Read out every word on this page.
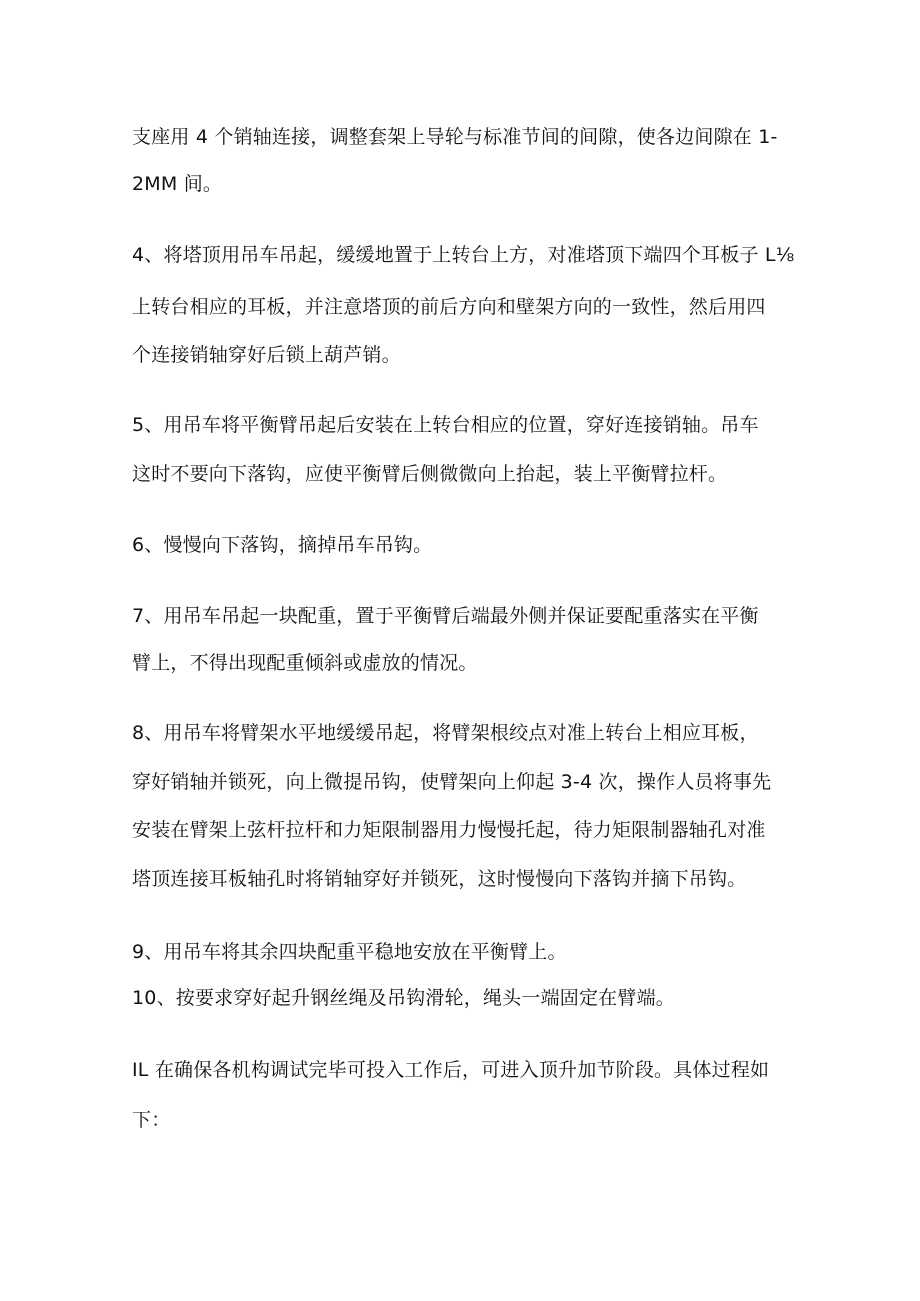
支座用 4 个销轴连接，调整套架上导轮与标准节间的间隙，使各边间隙在 1-

2MM 间。

4、将塔顶用吊车吊起，缓缓地置于上转台上方，对准塔顶下端四个耳板子 L⅛

上转台相应的耳板，并注意塔顶的前后方向和壁架方向的一致性，然后用四

个连接销轴穿好后锁上葫芦销。

5、用吊车将平衡臂吊起后安装在上转台相应的位置，穿好连接销轴。吊车

这时不要向下落钩，应使平衡臂后侧微微向上抬起，装上平衡臂拉杆。

6、慢慢向下落钩，摘掉吊车吊钩。

7、用吊车吊起一块配重，置于平衡臂后端最外侧并保证要配重落实在平衡

臂上，不得出现配重倾斜或虚放的情况。

8、用吊车将臂架水平地缓缓吊起，将臂架根绞点对准上转台上相应耳板，

穿好销轴并锁死，向上微提吊钩，使臂架向上仰起 3-4 次，操作人员将事先

安装在臂架上弦杆拉杆和力矩限制器用力慢慢托起，待力矩限制器轴孔对准

塔顶连接耳板轴孔时将销轴穿好并锁死，这时慢慢向下落钩并摘下吊钩。

9、用吊车将其余四块配重平稳地安放在平衡臂上。

10、按要求穿好起升钢丝绳及吊钩滑轮，绳头一端固定在臂端。

IL 在确保各机构调试完毕可投入工作后，可进入顶升加节阶段。具体过程如

下：
